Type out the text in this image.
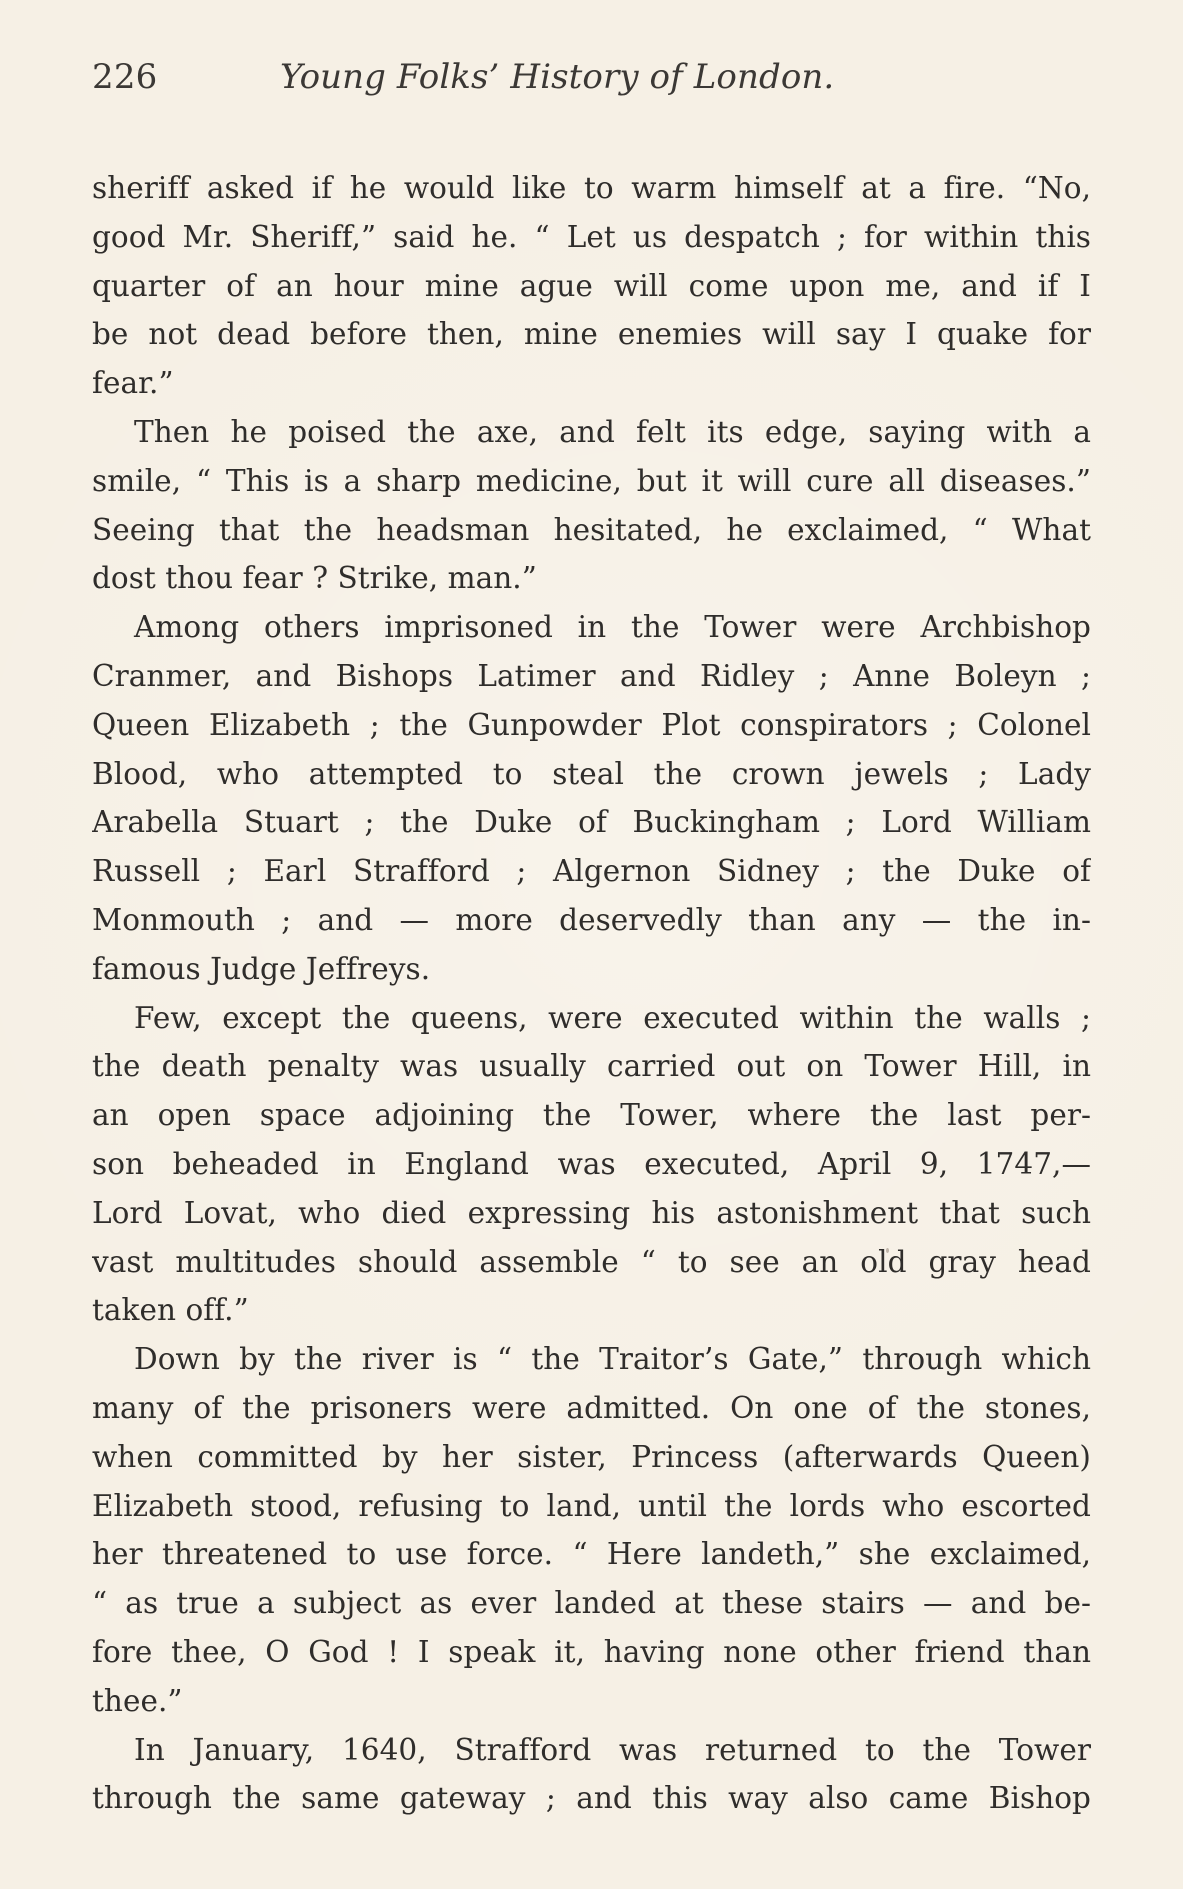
226	Young Folks’ History of London.
sheriff asked if he would like to warm himself at a fire. “No,
good Mr. Sheriff,” said he. “ Let us despatch ; for within this
quarter of an hour mine ague will come upon me, and if I
be not dead before then, mine enemies will say I quake for
fear.”
Then he poised the axe, and felt its edge, saying with a
smile, “ This is a sharp medicine, but it will cure all diseases.”
Seeing that the headsman hesitated, he exclaimed, “ What
dost thou fear ? Strike, man.”
Among others imprisoned in the Tower were Archbishop
Cranmer, and Bishops Latimer and Ridley ; Anne Boleyn ;
Queen Elizabeth ; the Gunpowder Plot conspirators ; Colonel
Blood, who attempted to steal the crown jewels ; Lady
Arabella Stuart ; the Duke of Buckingham ; Lord William
Russell ; Earl Strafford ; Algernon Sidney ; the Duke of
Monmouth ; and — more deservedly than any — the in-
famous Judge Jeffreys.
Few, except the queens, were executed within the walls ;
the death penalty was usually carried out on Tower Hill, in
an open space adjoining the Tower, where the last per-
son beheaded in England was executed, April 9, 1747,—
Lord Lovat, who died expressing his astonishment that such
vast multitudes should assemble “ to see an old gray head
taken off.”
Down by the river is “ the Traitor’s Gate,” through which
many of the prisoners were admitted. On one of the stones,
when committed by her sister, Princess (afterwards Queen)
Elizabeth stood, refusing to land, until the lords who escorted
her threatened to use force. “ Here landeth,” she exclaimed,
“ as true a subject as ever landed at these stairs — and be-
fore thee, O God ! I speak it, having none other friend than
thee.”
In January, 1640, Strafford was returned to the Tower
through the same gateway ; and this way also came Bishop
